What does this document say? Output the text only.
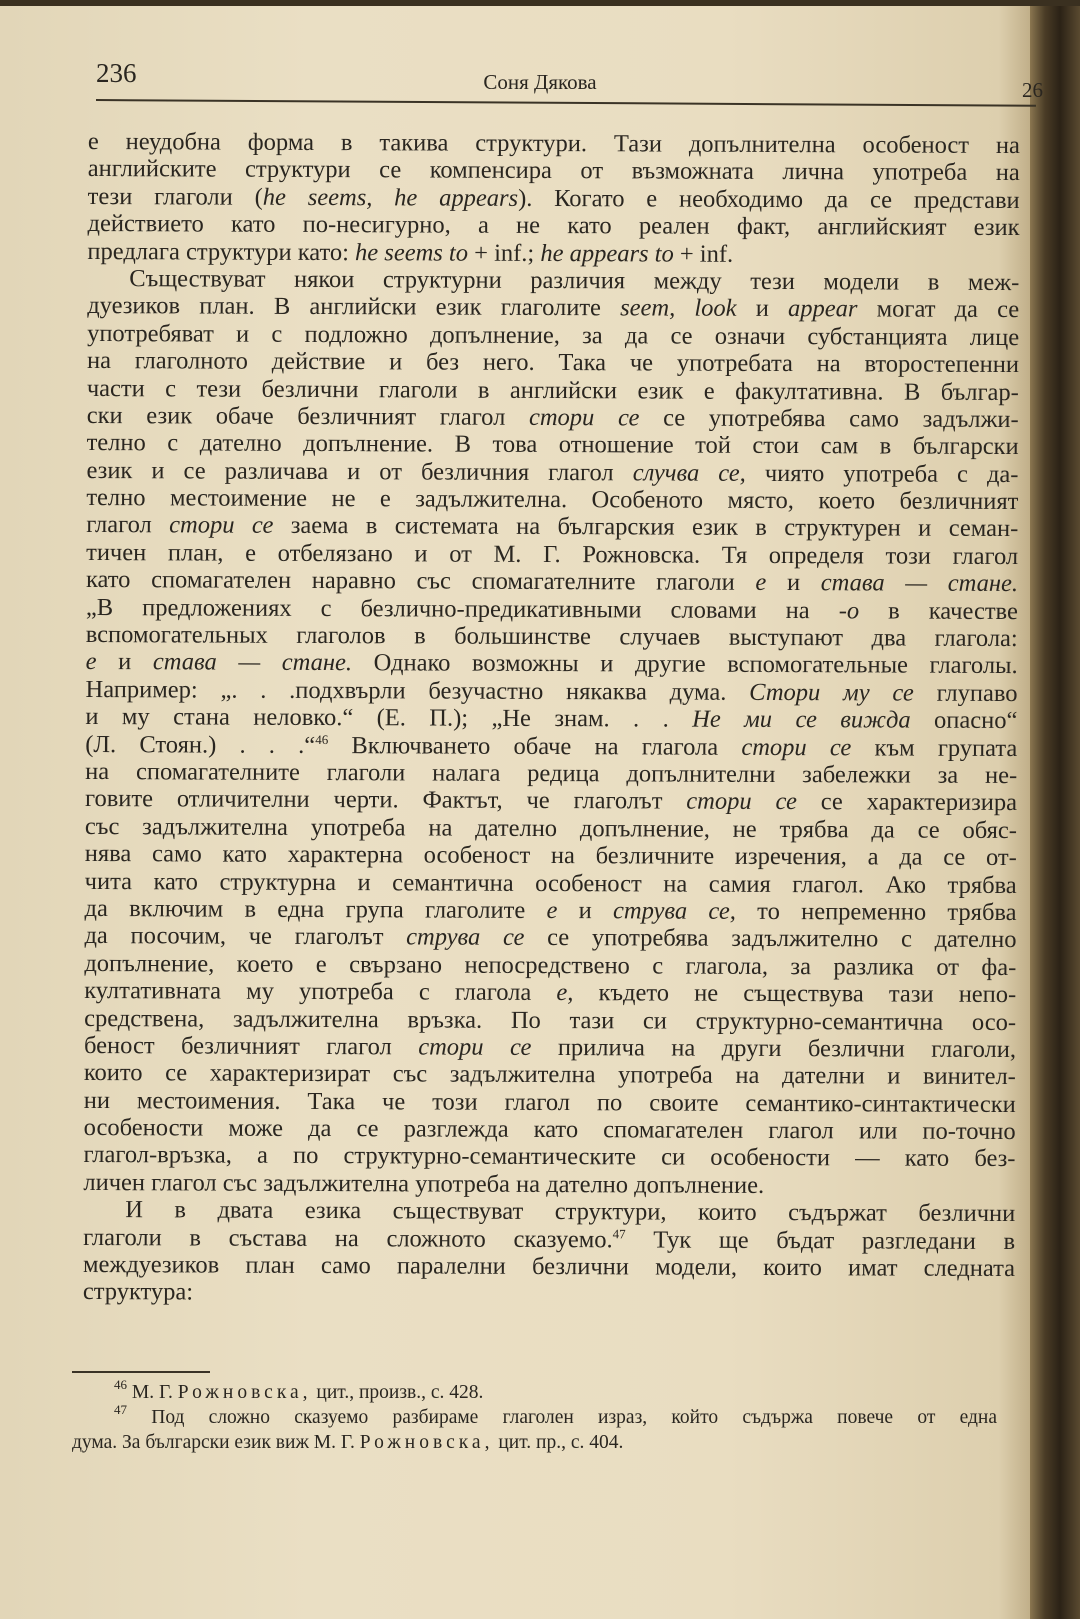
236	Соня Дякова	26
е неудобна форма в такива структури. Тази допълнителна особеност на
английските структури се компенсира от възможната лична употреба на
тези глаголи (he seems, he appears). Когато е необходимо да се представи
действието като по-несигурно, а не като реален факт, английският език
предлага структури като: he seems to + inf.; he appears to + inf.
Съществуват някои структурни различия между тези модели в меж-
дуезиков план. В английски език глаголите seem, look и appear могат да се
употребяват и с подложно допълнение, за да се означи субстанцията лице
на глаголното действие и без него. Така че употребата на второстепенни
части с тези безлични глаголи в английски език е факултативна. В българ-
ски език обаче безличният глагол стори се се употребява само задължи-
телно с дателно допълнение. В това отношение той стои сам в български
език и се различава и от безличния глагол случва се, чиято употреба с да-
телно местоимение не е задължителна. Особеното място, което безличният
глагол стори се заема в системата на българския език в структурен и семан-
тичен план, е отбелязано и от М. Г. Рожновска. Тя определя този глагол
като спомагателен наравно със спомагателните глаголи е и става — стане.
„В предложениях с безлично-предикативными словами на -о в качестве
вспомогательных глаголов в большинстве случаев выступают два глагола:
е и става — стане. Однако возможны и другие вспомогательные глаголы.
Например: „. . .подхвърли безучастно някаква дума. Стори му се глупаво
и му стана неловко.“ (Е. П.); „Не знам. . . Не ми се вижда опасно“
(Л. Стоян.) . . .“$^{46}$ Включването обаче на глагола стори се към групата
на спомагателните глаголи налага редица допълнителни забележки за не-
говите отличителни черти. Фактът, че глаголът стори се се характеризира
със задължителна употреба на дателно допълнение, не трябва да се обяс-
нява само като характерна особеност на безличните изречения, а да се от-
чита като структурна и семантична особеност на самия глагол. Ако трябва
да включим в една група глаголите е и струва се, то непременно трябва
да посочим, че глаголът струва се се употребява задължително с дателно
допълнение, което е свързано непосредствено с глагола, за разлика от фа-
култативната му употреба с глагола е, където не съществува тази непо-
средствена, задължителна връзка. По тази си структурно-семантична осо-
беност безличният глагол стори се прилича на други безлични глаголи,
които се характеризират със задължителна употреба на дателни и винител-
ни местоимения. Така че този глагол по своите семантико-синтактически
особености може да се разглежда като спомагателен глагол или по-точно
глагол-връзка, а по структурно-семантическите си особености — като без-
личен глагол със задължителна употреба на дателно допълнение.
И в двата езика съществуват структури, които съдържат безлични
глаголи в състава на сложното сказуемо.$^{47}$ Тук ще бъдат разгледани в
междуезиков план само паралелни безлични модели, които имат следната
структура:
$^{46}$ М. Г. Рожновска, цит., произв., с. 428.
$^{47}$ Под сложно сказуемо разбираме глаголен израз, който съдържа повече от една
дума. За български език виж М. Г. Рожновска, цит. пр., с. 404.
